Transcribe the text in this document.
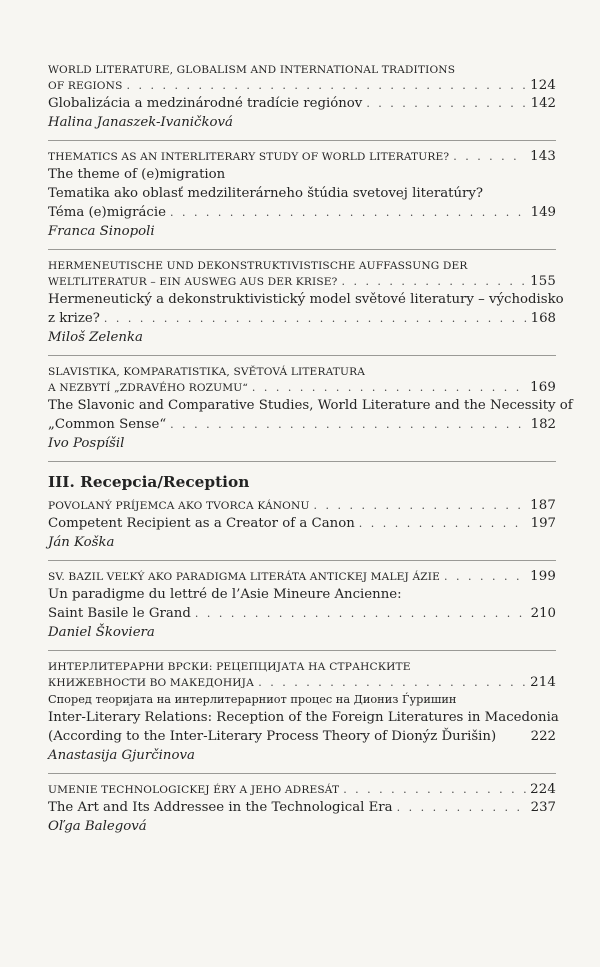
WORLD LITERATURE, GLOBALISM AND INTERNATIONAL TRADITIONS
OF REGIONS . . .	124
Globalizácia a medzinárodné tradície regiónov . . .	142
Halina Janaszek-Ivaničková
THEMATICS AS AN INTERLITERARY STUDY OF WORLD LITERATURE? . . .	143
The theme of (e)migration
Tematika ako oblasť medziliterárneho štúdia svetovej literatúry?
Téma (e)migrácie . . .	149
Franca Sinopoli
HERMENEUTISCHE UND DEKONSTRUKTIVISTISCHE AUFFASSUNG DER
WELTLITERATUR – EIN AUSWEG AUS DER KRISE? . . .	155
Hermeneutický a dekonstruktivistický model světové literatury – východisko
z krize? . . .	168
Miloš Zelenka
SLAVISTIKA, KOMPARATISTIKA, SVĚTOVÁ LITERATURA
A NEZBYTÍ „ZDRAVÉHO ROZUMU“ . . .	169
The Slavonic and Comparative Studies, World Literature and the Necessity of
„Common Sense“ . . .	182
Ivo Pospíšil
III. Recepcia/Reception
POVOLANÝ PRÍJEMCA AKO TVORCA KÁNONU . . .	187
Competent Recipient as a Creator of a Canon . . .	197
Ján Koška
SV. BAZIL VEĽKÝ AKO PARADIGMA LITERÁTA ANTICKEJ MALEJ ÁZIE . . .	199
Un paradigme du lettré de l’Asie Mineure Ancienne:
Saint Basile le Grand . . .	210
Daniel Škoviera
ИНТЕРЛИТЕРАРНИ ВРСКИ: РЕЦЕПЦИЈАТА НА СТРАНСКИТЕ
КНИЖЕВНОСТИ ВО МАКЕДОНИЈА . . .	214
Според теоријата на интерлитерарниот процес на Диониз Ѓуришин
Inter-Literary Relations: Reception of the Foreign Literatures in Macedonia
(According to the Inter-Literary Process Theory of Dionýz Ďurišin)	222
Anastasija Gjurčinova
UMENIE TECHNOLOGICKEJ ÉRY A JEHO ADRESÁT . . .	224
The Art and Its Addressee in the Technological Era . . .	237
Oľga Balegová
